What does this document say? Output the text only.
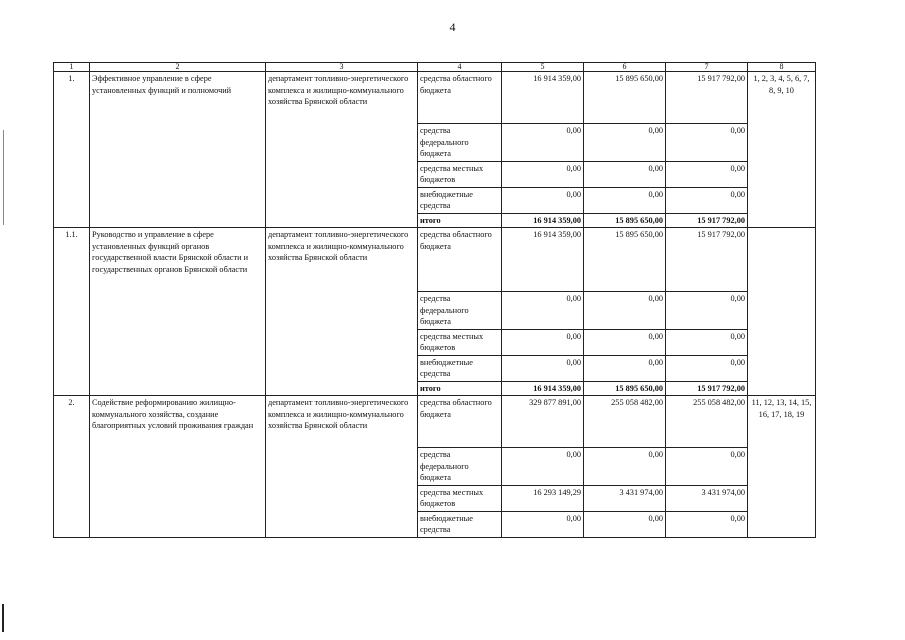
4
1	2	3	4	5	6	7	8
1.	Эффективное управление в сфере установленных функций и полномочий	департамент топливно-энергетического комплекса и жилищно-коммунального хозяйства Брянской области	средства областного бюджета	16 914 359,00	15 895 650,00	15 917 792,00	1, 2, 3, 4, 5, 6, 7, 8, 9, 10
			средства федерального бюджета	0,00	0,00	0,00	
			средства местных бюджетов	0,00	0,00	0,00	
			внебюджетные средства	0,00	0,00	0,00	
			итого	16 914 359,00	15 895 650,00	15 917 792,00	
1.1.	Руководство и управление в сфере установленных функций органов государственной власти Брянской области и государственных органов Брянской области	департамент топливно-энергетического комплекса и жилищно-коммунального хозяйства Брянской области	средства областного бюджета	16 914 359,00	15 895 650,00	15 917 792,00	
			средства федерального бюджета	0,00	0,00	0,00	
			средства местных бюджетов	0,00	0,00	0,00	
			внебюджетные средства	0,00	0,00	0,00	
			итого	16 914 359,00	15 895 650,00	15 917 792,00	
2.	Содействие реформированию жилищно-коммунального хозяйства, создание благоприятных условий проживания граждан	департамент топливно-энергетического комплекса и жилищно-коммунального хозяйства Брянской области	средства областного бюджета	329 877 891,00	255 058 482,00	255 058 482,00	11, 12, 13, 14, 15, 16, 17, 18, 19
			средства федерального бюджета	0,00	0,00	0,00	
			средства местных бюджетов	16 293 149,29	3 431 974,00	3 431 974,00	
			внебюджетные средства	0,00	0,00	0,00	
